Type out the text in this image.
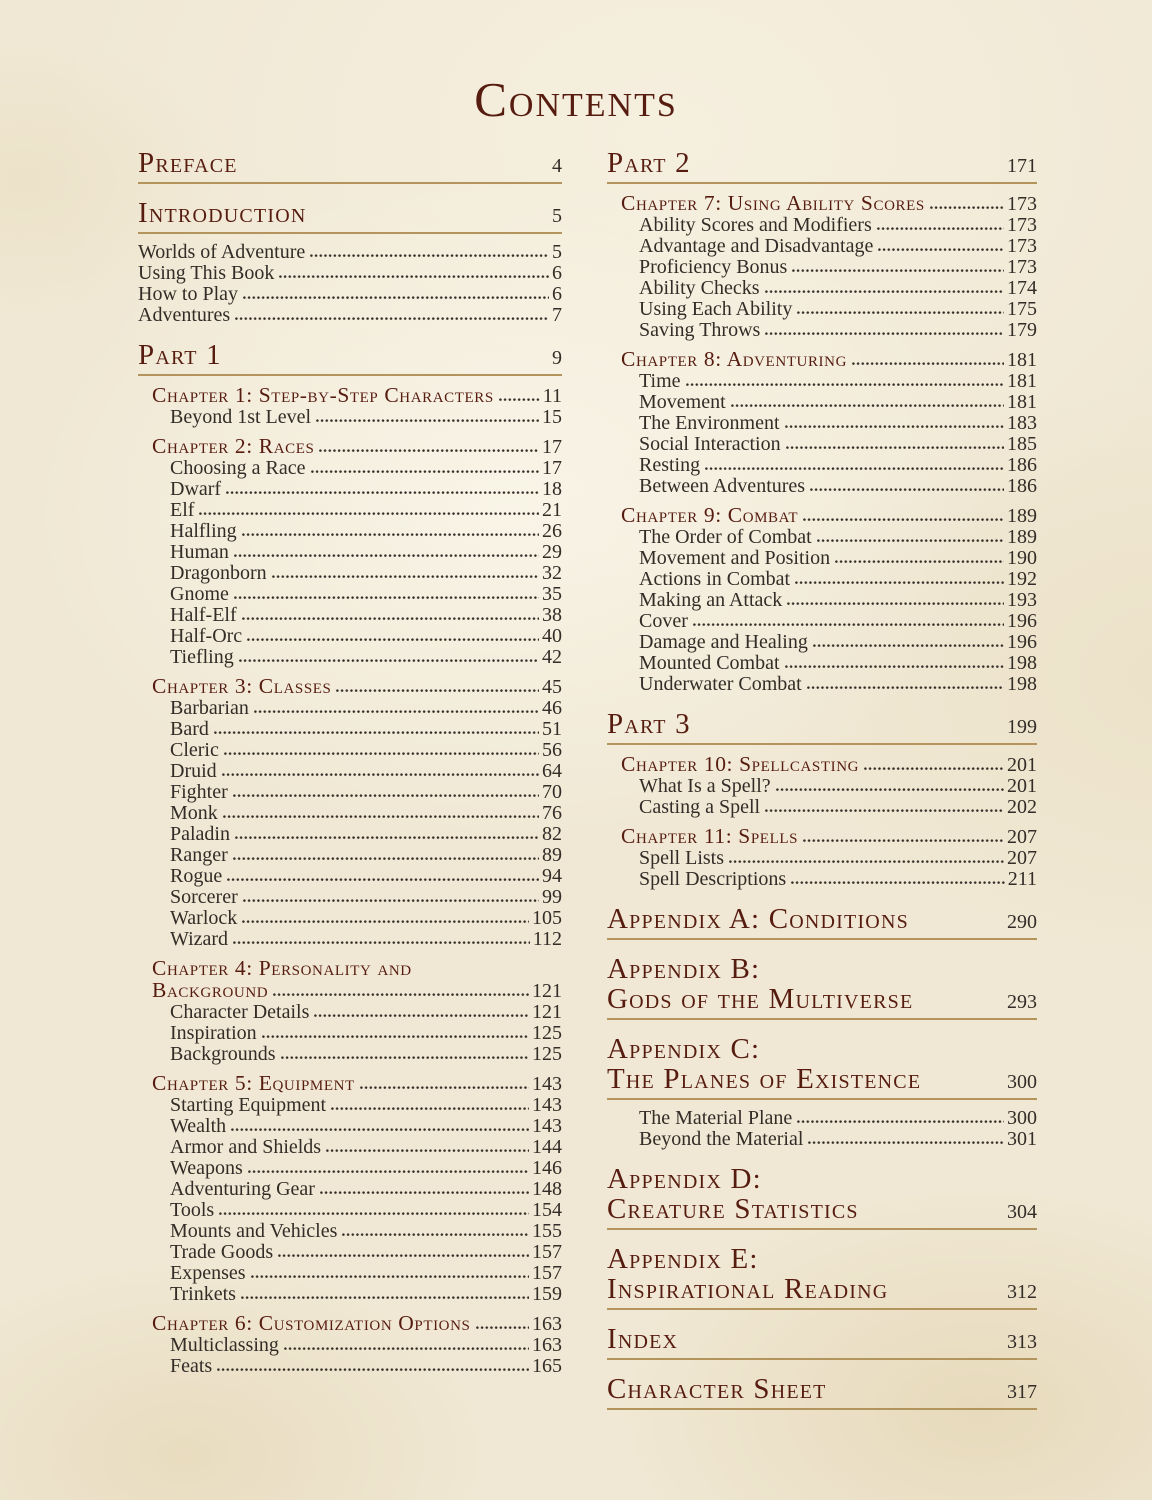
Contents
Preface	4
Introduction	5
Worlds of Adventure	5
Using This Book	6
How to Play	6
Adventures	7
Part 1	9
Chapter 1: Step-by-Step Characters 11
Beyond 1st Level	15
Chapter 2: Races	17
Choosing a Race	17
Dwarf	18
Elf	21
Halfling	26
Human	29
Dragonborn	32
Gnome	35
Half-Elf	38
Half-Orc	40
Tiefling	42
Chapter 3: Classes	45
Barbarian	46
Bard	51
Cleric	56
Druid	64
Fighter	70
Monk	76
Paladin	82
Ranger	89
Rogue	94
Sorcerer	99
Warlock	105
Wizard	112
Chapter 4: Personality and
Background	121
Character Details	121
Inspiration	125
Backgrounds	125
Chapter 5: Equipment	143
Starting Equipment	143
Wealth	143
Armor and Shields	144
Weapons	146
Adventuring Gear	148
Tools	154
Mounts and Vehicles	155
Trade Goods	157
Expenses	157
Trinkets	159
Chapter 6: Customization Options	163
Multiclassing	163
Feats	165
Part 2	171
Chapter 7: Using Ability Scores	173
Ability Scores and Modifiers	173
Advantage and Disadvantage	173
Proficiency Bonus	173
Ability Checks	174
Using Each Ability	175
Saving Throws	179
Chapter 8: Adventuring	181
Time	181
Movement	181
The Environment	183
Social Interaction	185
Resting	186
Between Adventures	186
Chapter 9: Combat	189
The Order of Combat	189
Movement and Position	190
Actions in Combat	192
Making an Attack	193
Cover	196
Damage and Healing	196
Mounted Combat	198
Underwater Combat	198
Part 3	199
Chapter 10: Spellcasting	201
What Is a Spell?	201
Casting a Spell	202
Chapter 11: Spells	207
Spell Lists	207
Spell Descriptions	211
Appendix A: Conditions	290
Appendix B:
Gods of the Multiverse	293
Appendix C:
The Planes of Existence	300
The Material Plane	300
Beyond the Material	301
Appendix D:
Creature Statistics	304
Appendix E:
Inspirational Reading	312
Index	313
Character Sheet	317
